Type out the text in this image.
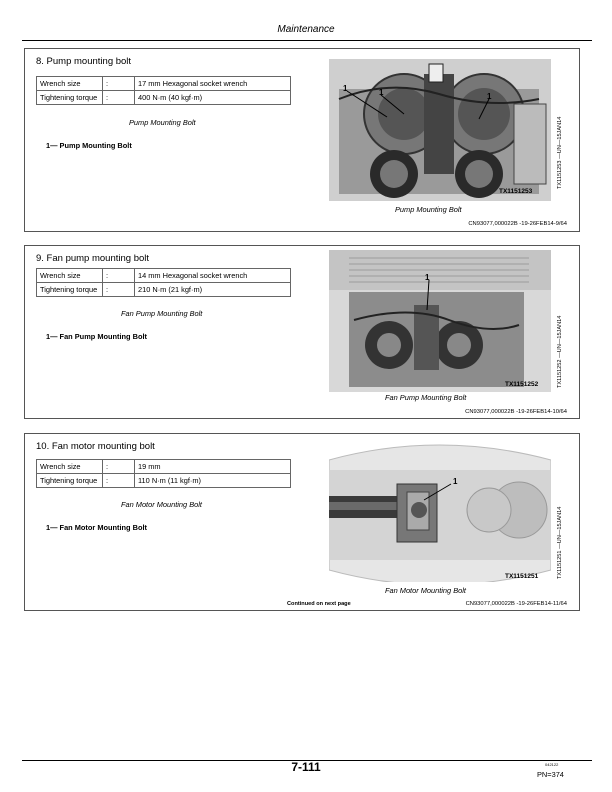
Maintenance
8. Pump mounting bolt
Wrench size	:	17 mm Hexagonal socket wrench
Tightening torque	:	400 N·m (40 kgf·m)
Pump Mounting Bolt
1— Pump Mounting Bolt
1	1	1
TX1151253
TX1151253 —UN—15JAN14
Pump Mounting Bolt
CN93077,000022B -19-26FEB14-9/64
9. Fan pump mounting bolt
Wrench size	:	14 mm Hexagonal socket wrench
Tightening torque	:	210 N·m (21 kgf·m)
Fan Pump Mounting Bolt
1— Fan Pump Mounting Bolt
1
TX1151252	TX1151252 —UN—15JAN14
Fan Pump Mounting Bolt
CN93077,000022B -19-26FEB14-10/64
10. Fan motor mounting bolt
Wrench size	:	19 mm
Tightening torque	:	110 N·m (11 kgf·m)
Fan Motor Mounting Bolt
1— Fan Motor Mounting Bolt
1
TX1151251	TX1151251 —UN—15JAN14
Fan Motor Mounting Bolt
Continued on next page	CN93077,000022B -19-26FEB14-11/64
7-111	042122
PN=374
